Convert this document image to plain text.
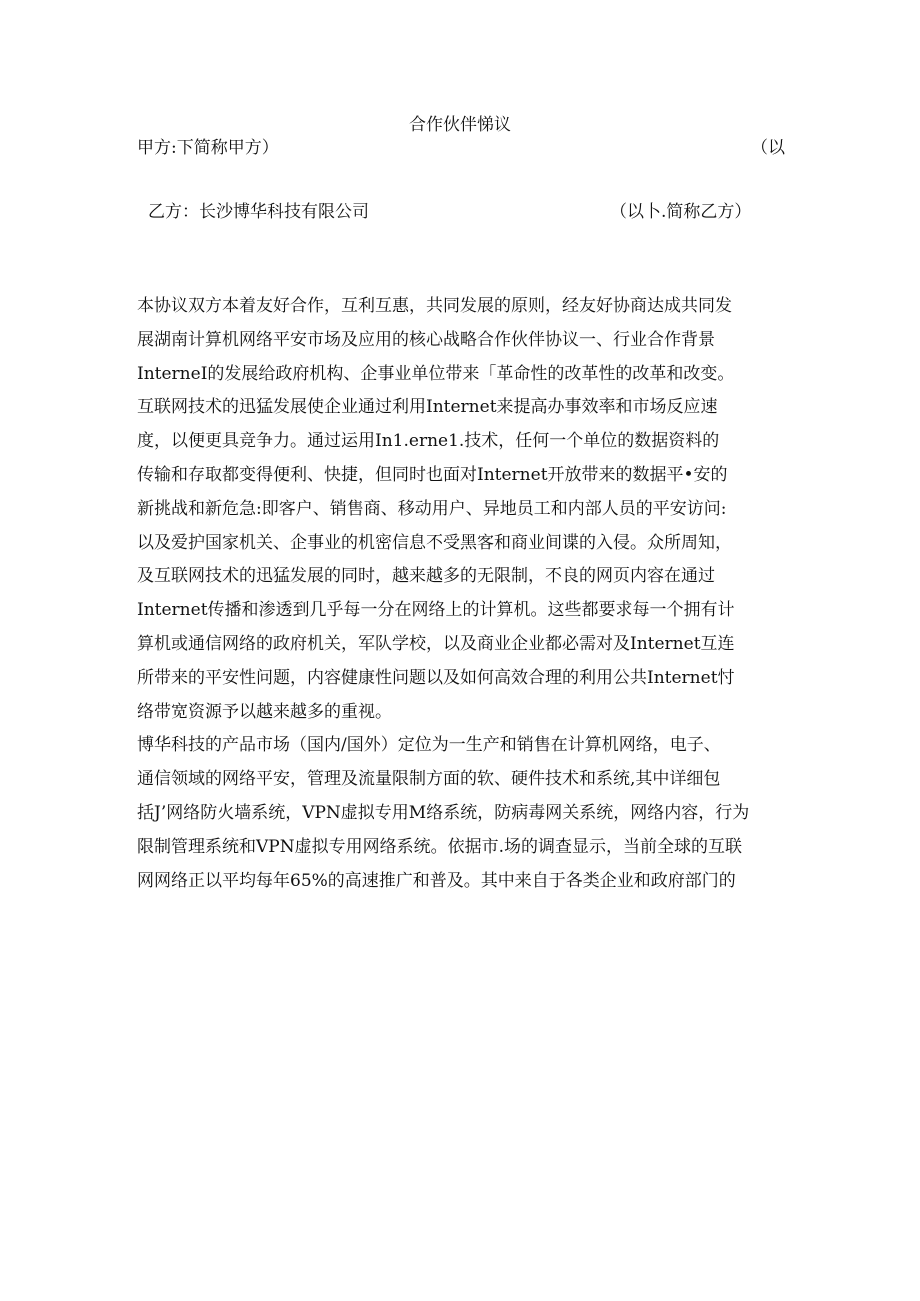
合作伙伴悌议
甲方:下简称甲方）	（以
乙方：长沙博华科技有限公司	（以卜.简称乙方）
本协议双方本着友好合作，互利互惠，共同发展的原则，经友好协商达成共同发
展湖南计算机网络平安市场及应用的核心战略合作伙伴协议一、行业合作背景
InterneI的发展给政府机构、企事业单位带来「革命性的改革性的改革和改变。
互联网技术的迅猛发展使企业通过利用Internet来提高办事效率和市场反应速
度，以便更具竞争力。通过运用In1.erne1.技术，任何一个单位的数据资料的
传输和存取都变得便利、快捷，但同时也面对Internet开放带来的数据平•安的
新挑战和新危急:即客户、销售商、移动用户、异地员工和内部人员的平安访问:
以及爱护国家机关、企事业的机密信息不受黑客和商业间谍的入侵。众所周知，
及互联网技术的迅猛发展的同时，越来越多的无限制，不良的网页内容在通过
Internet传播和渗透到几乎每一分在网络上的计算机。这些都要求每一个拥有计
算机或通信网络的政府机关，军队学校，以及商业企业都必需对及Internet互连
所带来的平安性问题，内容健康性问题以及如何高效合理的利用公共Internet忖
络带宽资源予以越来越多的重视。
博华科技的产品市场（国内/国外）定位为一生产和销售在计算机网络，电子、
通信领域的网络平安，管理及流量限制方面的软、硬件技术和系统,其中详细包
括J’网络防火墙系统，VPN虚拟专用M络系统，防病毒网关系统，网络内容，行为
限制管理系统和VPN虚拟专用网络系统。依据市.场的调查显示，当前全球的互联
网网络正以平均每年65%的高速推广和普及。其中来自于各类企业和政府部门的
